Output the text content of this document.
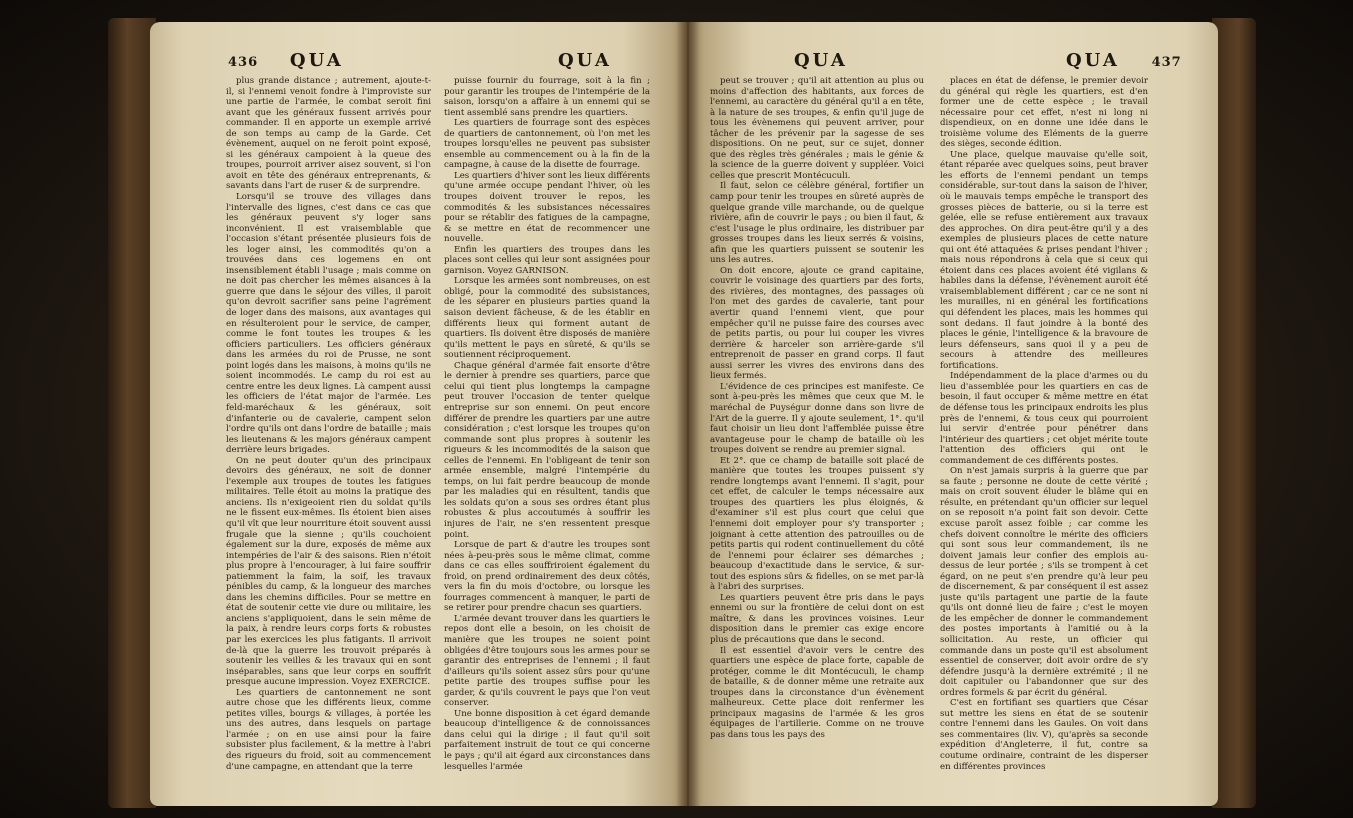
436 QUA	QUA

plus grande distance ; autrement, ajoute-t-il, si l'ennemi venoit fondre à l'improviste sur une partie de l'armée, le combat seroit fini avant que les généraux fussent arrivés pour commander. Il en apporte un exemple arrivé de son temps au camp de la Garde. Cet évènement, auquel on ne feroit point exposé, si les généraux campoient à la queue des troupes, pourroit arriver aisez souvent, si l'on avoit en tête des généraux entreprenants, & savants dans l'art de ruser & de surprendre.

Lorsqu'il se trouve des villages dans l'intervalle des lignes, c'est dans ce cas que les généraux peuvent s'y loger sans inconvénient. Il est vraisemblable que l'occasion s'étant présentée plusieurs fois de les loger ainsi, les commodités qu'on a trouvées dans ces logemens en ont insensiblement établi l'usage ; mais comme on ne doit pas chercher les mêmes aisances à la guerre que dans le séjour des villes, il paroit qu'on devroit sacrifier sans peine l'agrément de loger dans des maisons, aux avantages qui en résulteroient pour le service, de camper, comme le font toutes les troupes & les officiers particuliers. Les officiers généraux dans les armées du roi de Prusse, ne sont point logés dans les maisons, à moins qu'ils ne soient incommodés. Le camp du roi est au centre entre les deux lignes. Là campent aussi les officiers de l'état major de l'armée. Les feld-maréchaux & les généraux, soit d'infanterie ou de cavalerie, campent selon l'ordre qu'ils ont dans l'ordre de bataille ; mais les lieutenans & les majors généraux campent derrière leurs brigades.

On ne peut douter qu'un des principaux devoirs des généraux, ne soit de donner l'exemple aux troupes de toutes les fatigues militaires. Telle étoit au moins la pratique des anciens. Ils n'exigeoient rien du soldat qu'ils ne le fissent eux-mêmes. Ils étoient bien aises qu'il vît que leur nourriture étoit souvent aussi frugale que la sienne ; qu'ils couchoient également sur la dure, exposés de même aux intempéries de l'air & des saisons. Rien n'étoit plus propre à l'encourager, à lui faire souffrir patiemment la faim, la soif, les travaux pénibles du camp, & la longueur des marches dans les chemins difficiles. Pour se mettre en état de soutenir cette vie dure ou militaire, les anciens s'appliquoient, dans le sein même de la paix, à rendre leurs corps forts & robustes par les exercices les plus fatigants. Il arrivoit de-là que la guerre les trouvoit préparés à soutenir les veilles & les travaux qui en sont inséparables, sans que leur corps en souffrît presque aucune impression. Voyez EXERCICE.

Les quartiers de cantonnement ne sont autre chose que les différents lieux, comme petites villes, bourgs & villages, à portée les uns des autres, dans lesquels on partage l'armée ; on en use ainsi pour la faire subsister plus facilement, & la mettre à l'abri des rigueurs du froid, soit au commencement d'une campagne, en attendant que la terre

puisse fournir du fourrage, soit à la fin ; pour garantir les troupes de l'intempérie de la saison, lorsqu'on a affaire à un ennemi qui se tient assemblé sans prendre les quartiers.

Les quartiers de fourrage sont des espèces de quartiers de cantonnement, où l'on met les troupes lorsqu'elles ne peuvent pas subsister ensemble au commencement ou à la fin de la campagne, à cause de la disette de fourrage.

Les quartiers d'hiver sont les lieux différents qu'une armée occupe pendant l'hiver, où les troupes doivent trouver le repos, les commodités & les subsistances nécessaires pour se rétablir des fatigues de la campagne, & se mettre en état de recommencer une nouvelle.

Enfin les quartiers des troupes dans les places sont celles qui leur sont assignées pour garnison. Voyez GARNISON.

Lorsque les armées sont nombreuses, on est obligé, pour la commodité des subsistances, de les séparer en plusieurs parties quand la saison devient fâcheuse, & de les établir en différents lieux qui forment autant de quartiers. Ils doivent être disposés de manière qu'ils mettent le pays en sûreté, & qu'ils se soutiennent réciproquement.

Chaque général d'armée fait ensorte d'être le dernier à prendre ses quartiers, parce que celui qui tient plus longtemps la campagne peut trouver l'occasion de tenter quelque entreprise sur son ennemi. On peut encore différer de prendre les quartiers par une autre considération ; c'est lorsque les troupes qu'on commande sont plus propres à soutenir les rigueurs & les incommodités de la saison que celles de l'ennemi. En l'obligeant de tenir son armée ensemble, malgré l'intempérie du temps, on lui fait perdre beaucoup de monde par les maladies qui en résultent, tandis que les soldats qu'on a sous ses ordres étant plus robustes & plus accoutumés à souffrir les injures de l'air, ne s'en ressentent presque point.

Lorsque de part & d'autre les troupes sont nées à-peu-près sous le même climat, comme dans ce cas elles souffriroient également du froid, on prend ordinairement des deux côtés, vers la fin du mois d'octobre, ou lorsque les fourrages commencent à manquer, le parti de se retirer pour prendre chacun ses quartiers.

L'armée devant trouver dans les quartiers le repos dont elle a besoin, on les choisit de manière que les troupes ne soient point obligées d'être toujours sous les armes pour se garantir des entreprises de l'ennemi ; il faut d'ailleurs qu'ils soient assez sûrs pour qu'une petite partie des troupes suffise pour les garder, & qu'ils couvrent le pays que l'on veut conserver.

Une bonne disposition à cet égard demande beaucoup d'intelligence & de connoissances dans celui qui la dirige ; il faut qu'il soit parfaitement instruit de tout ce qui concerne le pays ; qu'il ait égard aux circonstances dans lesquelles l'armée

QUA	QUA 437

peut se trouver ; qu'il ait attention au plus ou moins d'affection des habitants, aux forces de l'ennemi, au caractère du général qu'il a en tête, à la nature de ses troupes, & enfin qu'il juge de tous les évènemens qui peuvent arriver, pour tâcher de les prévenir par la sagesse de ses dispositions. On ne peut, sur ce sujet, donner que des règles très générales ; mais le génie & la science de la guerre doivent y suppléer. Voici celles que prescrit Montécuculi.

Il faut, selon ce célèbre général, fortifier un camp pour tenir les troupes en sûreté auprès de quelque grande ville marchande, ou de quelque rivière, afin de couvrir le pays ; ou bien il faut, & c'est l'usage le plus ordinaire, les distribuer par grosses troupes dans les lieux serrés & voisins, afin que les quartiers puissent se soutenir les uns les autres.

On doit encore, ajoute ce grand capitaine, couvrir le voisinage des quartiers par des forts, des rivières, des montagnes, des passages où l'on met des gardes de cavalerie, tant pour avertir quand l'ennemi vient, que pour empêcher qu'il ne puisse faire des courses avec de petits partis, ou pour lui couper les vivres derrière & harceler son arrière-garde s'il entreprenoit de passer en grand corps. Il faut aussi serrer les vivres des environs dans des lieux fermés.

L'évidence de ces principes est manifeste. Ce sont à-peu-près les mêmes que ceux que M. le maréchal de Puységur donne dans son livre de l'Art de la guerre. Il y ajoute seulement, 1°. qu'il faut choisir un lieu dont l'affemblée puisse être avantageuse pour le champ de bataille où les troupes doivent se rendre au premier signal.

Et 2°. que ce champ de bataille soit placé de manière que toutes les troupes puissent s'y rendre longtemps avant l'ennemi. Il s'agit, pour cet effet, de calculer le temps nécessaire aux troupes des quartiers les plus éloignés, & d'examiner s'il est plus court que celui que l'ennemi doit employer pour s'y transporter ; joignant à cette attention des patrouilles ou de petits partis qui rodent continuellement du côté de l'ennemi pour éclairer ses démarches ; beaucoup d'exactitude dans le service, & sur-tout des espions sûrs & fidelles, on se met par-là à l'abri des surprises.

Les quartiers peuvent être pris dans le pays ennemi ou sur la frontière de celui dont on est maître, & dans les provinces voisines. Leur disposition dans le premier cas exige encore plus de précautions que dans le second.

Il est essentiel d'avoir vers le centre des quartiers une espèce de place forte, capable de protéger, comme le dit Montécuculi, le champ de bataille, & de donner même une retraite aux troupes dans la circonstance d'un évènement malheureux. Cette place doit renfermer les principaux magasins de l'armée & les gros équipages de l'artillerie. Comme on ne trouve pas dans tous les pays des

places en état de défense, le premier devoir du général qui règle les quartiers, est d'en former une de cette espèce ; le travail nécessaire pour cet effet, n'est ni long ni dispendieux, on en donne une idée dans le troisième volume des Eléments de la guerre des sièges, seconde édition.

Une place, quelque mauvaise qu'elle soit, étant réparée avec quelques soins, peut braver les efforts de l'ennemi pendant un temps considérable, sur-tout dans la saison de l'hiver, où le mauvais temps empêche le transport des grosses pièces de batterie, ou si la terre est gelée, elle se refuse entièrement aux travaux des approches. On dira peut-être qu'il y a des exemples de plusieurs places de cette nature qui ont été attaquées & prises pendant l'hiver ; mais nous répondrons à cela que si ceux qui étoient dans ces places avoient été vigilans & habiles dans la défense, l'évènement auroit été vraisemblablement différent ; car ce ne sont ni les murailles, ni en général les fortifications qui défendent les places, mais les hommes qui sont dedans. Il faut joindre à la bonté des places le génie, l'intelligence & la bravoure de leurs défenseurs, sans quoi il y a peu de secours à attendre des meilleures fortifications.

Indépendamment de la place d'armes ou du lieu d'assemblée pour les quartiers en cas de besoin, il faut occuper & même mettre en état de défense tous les principaux endroits les plus près de l'ennemi, & tous ceux qui pourroient lui servir d'entrée pour pénétrer dans l'intérieur des quartiers ; cet objet mérite toute l'attention des officiers qui ont le commandement de ces différents postes.

On n'est jamais surpris à la guerre que par sa faute ; personne ne doute de cette vérité ; mais on croit souvent éluder le blâme qui en résulte, en prétendant qu'un officier sur lequel on se reposoit n'a point fait son devoir. Cette excuse paroît assez foible ; car comme les chefs doivent connoître le mérite des officiers qui sont sous leur commandement, ils ne doivent jamais leur confier des emplois au-dessus de leur portée ; s'ils se trompent à cet égard, on ne peut s'en prendre qu'à leur peu de discernement, & par conséquent il est assez juste qu'ils partagent une partie de la faute qu'ils ont donné lieu de faire ; c'est le moyen de les empêcher de donner le commandement des postes importants à l'amitié ou à la sollicitation. Au reste, un officier qui commande dans un poste qu'il est absolument essentiel de conserver, doit avoir ordre de s'y défendre jusqu'à la dernière extrémité ; il ne doit capituler ou l'abandonner que sur des ordres formels & par écrit du général.

C'est en fortifiant ses quartiers que César sut mettre les siens en état de se soutenir contre l'ennemi dans les Gaules. On voit dans ses commentaires (liv. V), qu'après sa seconde expédition d'Angleterre, il fut, contre sa coutume ordinaire, contraint de les disperser en différentes provinces
